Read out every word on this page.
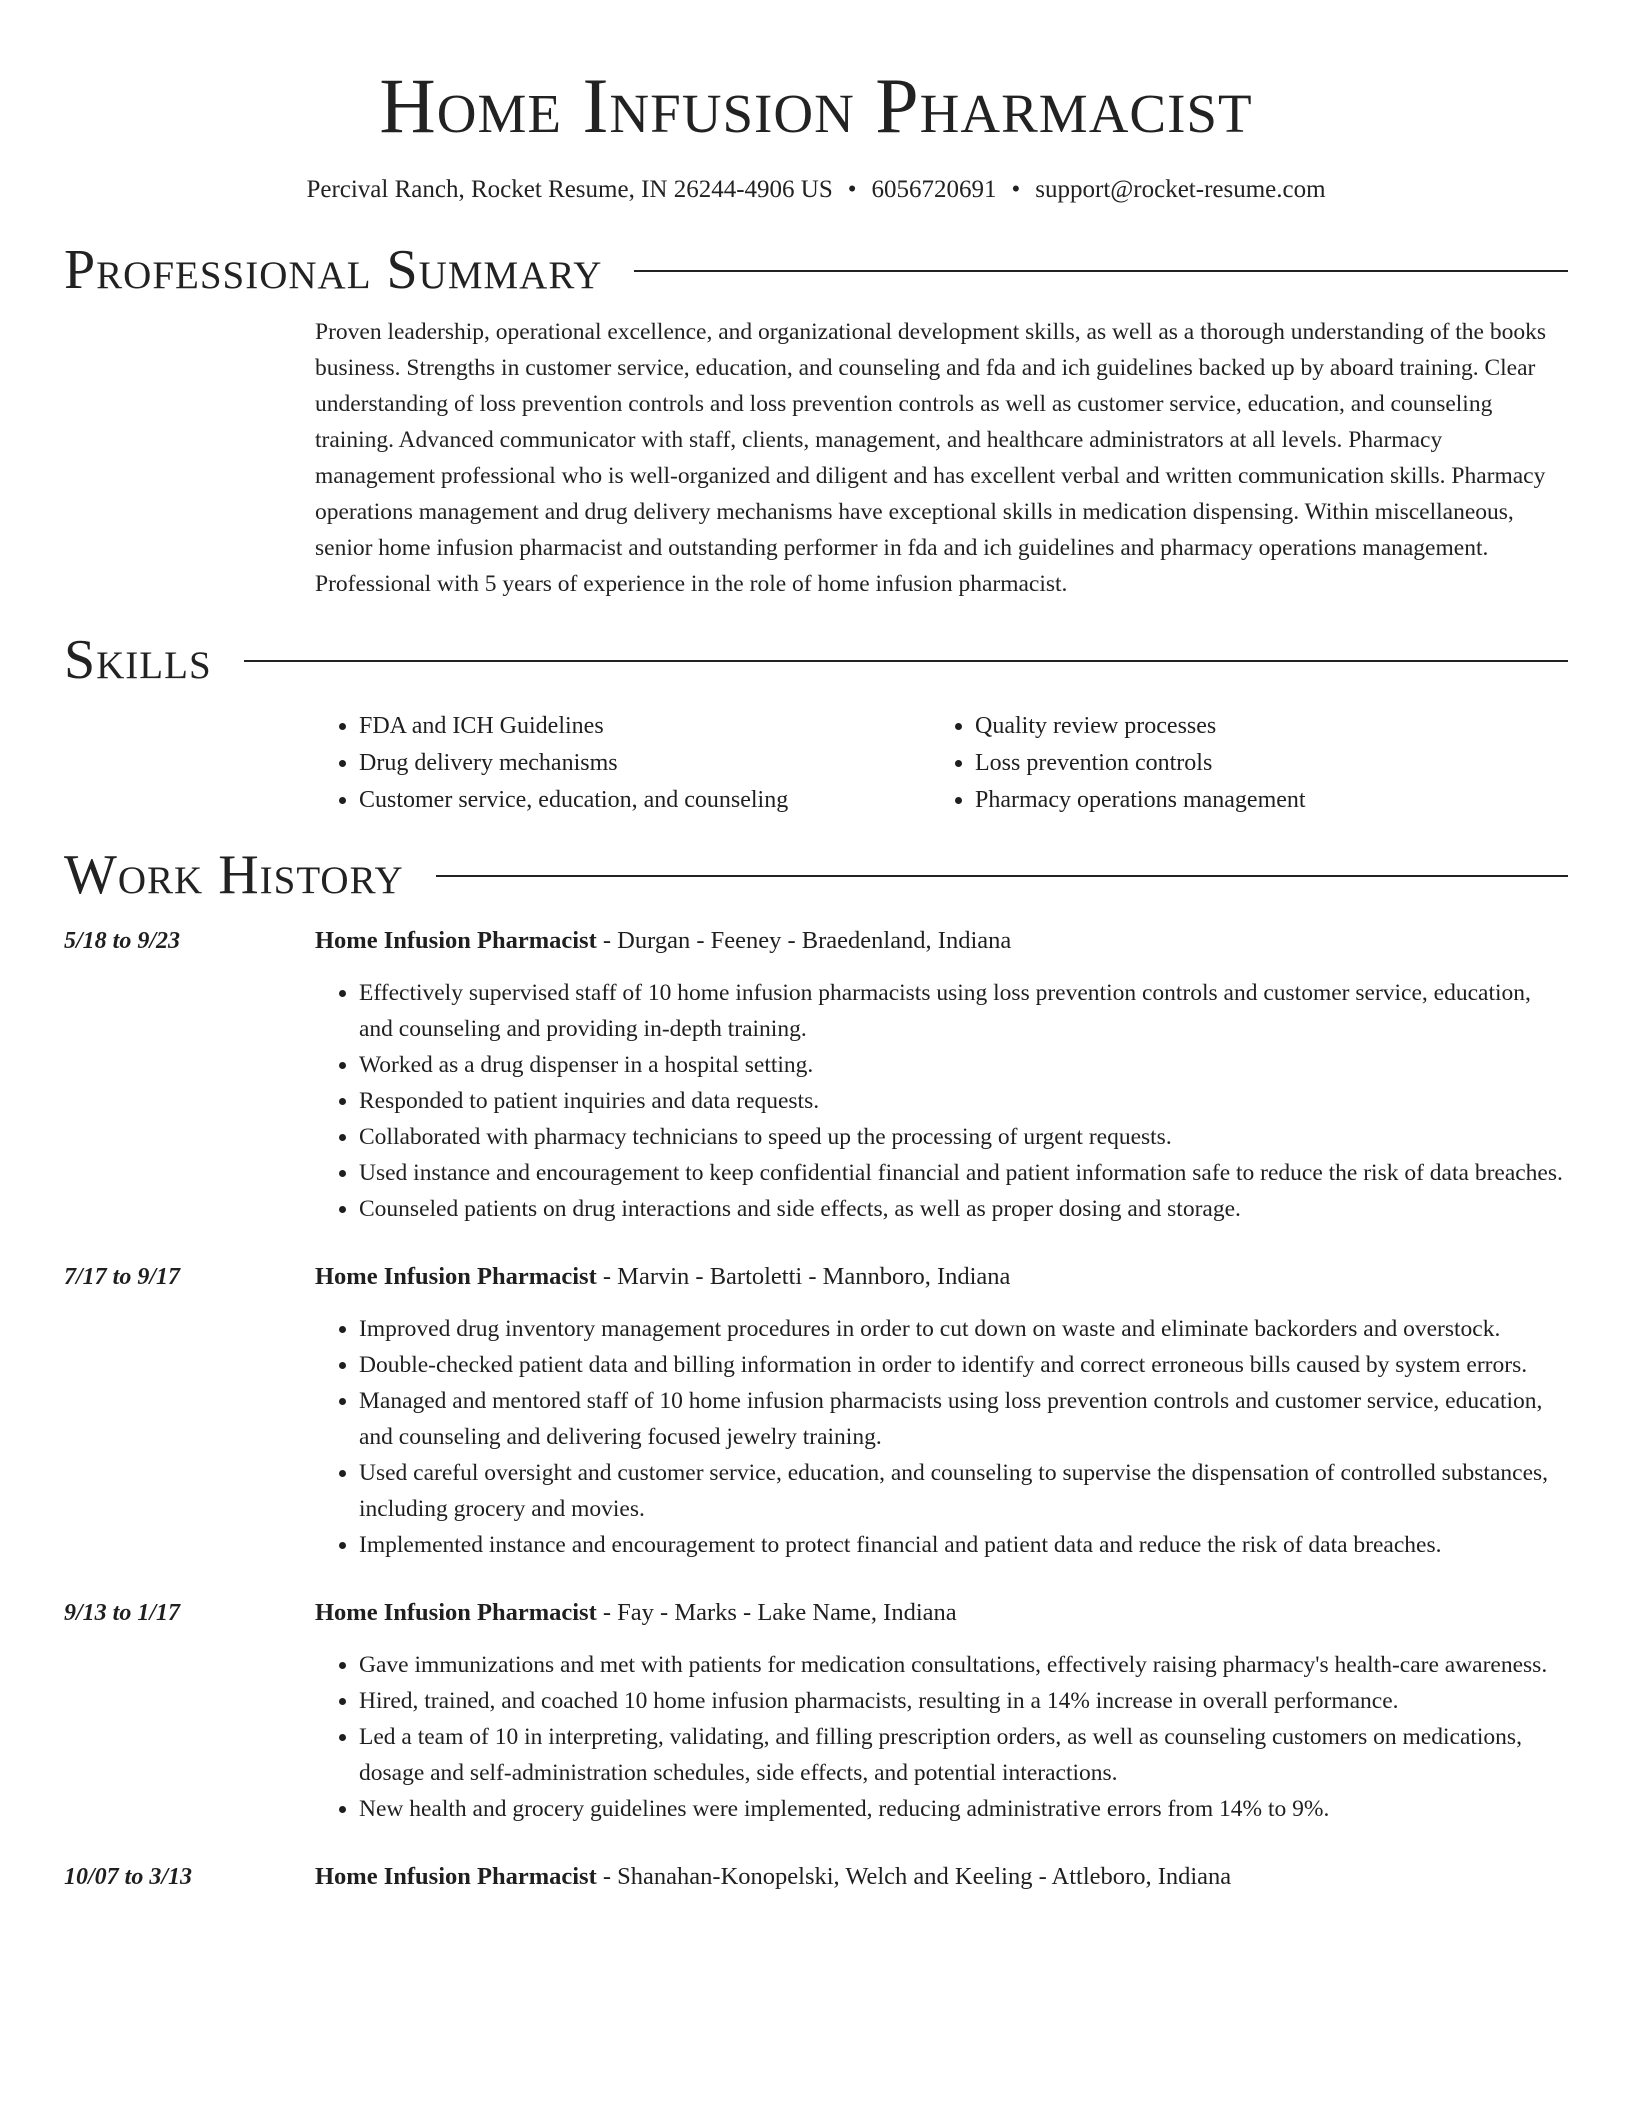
Home Infusion Pharmacist
Percival Ranch, Rocket Resume, IN 26244-4906 US • 6056720691 • support@rocket-resume.com
Professional Summary

Proven leadership, operational excellence, and organizational development skills, as well as a thorough understanding of the books business. Strengths in customer service, education, and counseling and fda and ich guidelines backed up by aboard training. Clear understanding of loss prevention controls and loss prevention controls as well as customer service, education, and counseling training. Advanced communicator with staff, clients, management, and healthcare administrators at all levels. Pharmacy management professional who is well-organized and diligent and has excellent verbal and written communication skills. Pharmacy operations management and drug delivery mechanisms have exceptional skills in medication dispensing. Within miscellaneous, senior home infusion pharmacist and outstanding performer in fda and ich guidelines and pharmacy operations management. Professional with 5 years of experience in the role of home infusion pharmacist.

Skills
• FDA and ICH Guidelines
• Drug delivery mechanisms
• Customer service, education, and counseling
• Quality review processes
• Loss prevention controls
• Pharmacy operations management
Work History
5/18 to 9/23	Home Infusion Pharmacist - Durgan - Feeney - Braedenland, Indiana
• Effectively supervised staff of 10 home infusion pharmacists using loss prevention controls and customer service, education, and counseling and providing in-depth training.
• Worked as a drug dispenser in a hospital setting.
• Responded to patient inquiries and data requests.
• Collaborated with pharmacy technicians to speed up the processing of urgent requests.
• Used instance and encouragement to keep confidential financial and patient information safe to reduce the risk of data breaches.
• Counseled patients on drug interactions and side effects, as well as proper dosing and storage.
7/17 to 9/17	Home Infusion Pharmacist - Marvin - Bartoletti - Mannboro, Indiana
• Improved drug inventory management procedures in order to cut down on waste and eliminate backorders and overstock.
• Double-checked patient data and billing information in order to identify and correct erroneous bills caused by system errors.
• Managed and mentored staff of 10 home infusion pharmacists using loss prevention controls and customer service, education, and counseling and delivering focused jewelry training.
• Used careful oversight and customer service, education, and counseling to supervise the dispensation of controlled substances, including grocery and movies.
• Implemented instance and encouragement to protect financial and patient data and reduce the risk of data breaches.
9/13 to 1/17	Home Infusion Pharmacist - Fay - Marks - Lake Name, Indiana
• Gave immunizations and met with patients for medication consultations, effectively raising pharmacy's health-care awareness.
• Hired, trained, and coached 10 home infusion pharmacists, resulting in a 14% increase in overall performance.
• Led a team of 10 in interpreting, validating, and filling prescription orders, as well as counseling customers on medications, dosage and self-administration schedules, side effects, and potential interactions.
• New health and grocery guidelines were implemented, reducing administrative errors from 14% to 9%.
10/07 to 3/13	Home Infusion Pharmacist - Shanahan-Konopelski, Welch and Keeling - Attleboro, Indiana
